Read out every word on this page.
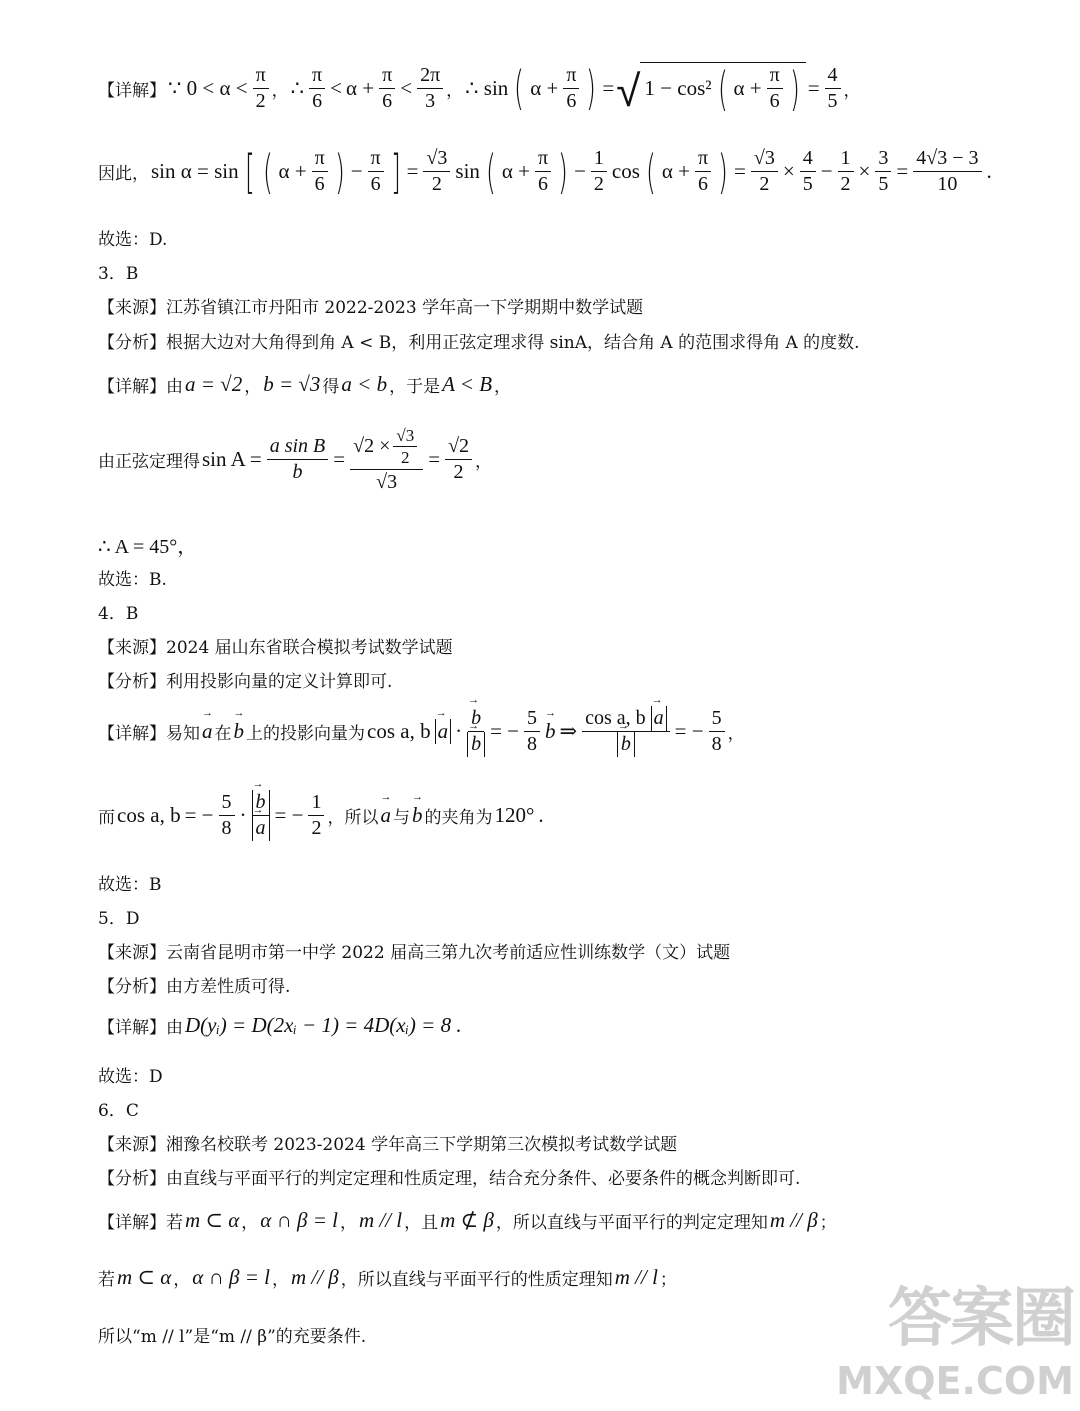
【详解】 ∵ $0 < \alpha < \frac{\pi}{2}$ ， ∴ $\frac{\pi}{6} < \alpha + \frac{\pi}{6} < \frac{2\pi}{3}$ ， ∴ sin ( $\alpha + \frac{\pi}{6}$ ) = √ 1 − cos² ( $\alpha + \frac{\pi}{6}$ ) = $\frac{4}{5}$ ，
因此， sin α = sin [ ( $\alpha + \frac{\pi}{6}$ ) − $\frac{\pi}{6}$ ] = $\frac{√3}{2}$ sin ( $\alpha + \frac{\pi}{6}$ ) − $\frac{1}{2}$ cos ( $\alpha + \frac{\pi}{6}$ ) = $\frac{√3}{2} \times \frac{4}{5} - \frac{1}{2} \times \frac{3}{5} = \frac{4√3 - 3}{10}$ .
故选：D.
3．B
【来源】江苏省镇江市丹阳市 2022-2023 学年高一下学期期中数学试题
【分析】根据大边对大角得到角 A < B，利用正弦定理求得 sinA，结合角 A 的范围求得角 A 的度数.
【详解】由 a = √2 ， b = √3 得 a < b ，于是 A < B ，
由正弦定理得 $\sin A = \frac{\text{a sin B}}{b} = \frac{√2 \times \frac{√3}{2}}{√3} = \frac{√2}{2}$ ，
∴ A = 45°，
故选：B.
4．B
【来源】2024 届山东省联合模拟考试数学试题
【分析】利用投影向量的定义计算即可.
【详解】易知
→ a 在
→ b 上的投影向量为 cos a, b
→ a ·
→ b
→ b = − $\frac{5}{8}$
→ b ⇒ cos a, b → a
→ b = − $\frac{5}{8}$ ，
而 cos a, b = − $\frac{5}{8}$ ·
→ b
→ a = − $\frac{1}{2}$ ，所以
→ a 与
→ b 的夹角为 120° .
故选：B
5．D
【来源】云南省昆明市第一中学 2022 届高三第九次考前适应性训练数学（文）试题
【分析】由方差性质可得.
【详解】由 D(yᵢ) = D(2xᵢ − 1) = 4D(xᵢ) = 8 .
故选：D
6．C
【来源】湘豫名校联考 2023-2024 学年高三下学期第三次模拟考试数学试题
【分析】由直线与平面平行的判定定理和性质定理，结合充分条件、必要条件的概念判断即可.
【详解】若 m ⊂ α ， α ∩ β = l ， m // l ，且 m ⊄ β ，所以直线与平面平行的判定定理知 m // β ；
若 m ⊂ α ， α ∩ β = l ， m // β ，所以直线与平面平行的性质定理知 m // l ；
所以“m // l”是“m // β”的充要条件.	答案圈
MXQE.COM
